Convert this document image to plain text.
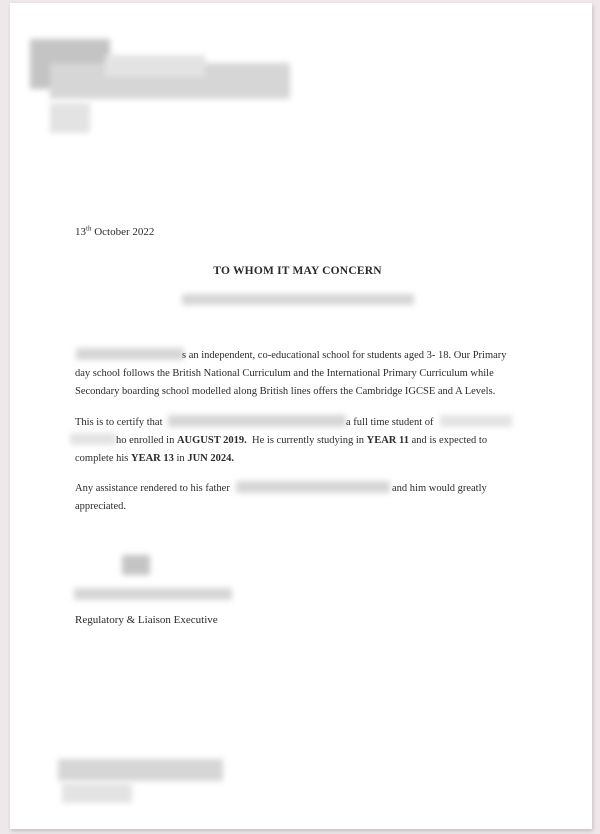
13th October 2022
TO WHOM IT MAY CONCERN
s an independent, co-educational school for students aged 3- 18. Our Primary
day school follows the British National Curriculum and the International Primary Curriculum while
Secondary boarding school modelled along British lines offers the Cambridge IGCSE and A Levels.
This is to certify that	a full time student of
ho enrolled in AUGUST 2019.  He is currently studying in YEAR 11 and is expected to
complete his YEAR 13 in JUN 2024.
Any assistance rendered to his father	and him would greatly
appreciated.
Regulatory & Liaison Executive
